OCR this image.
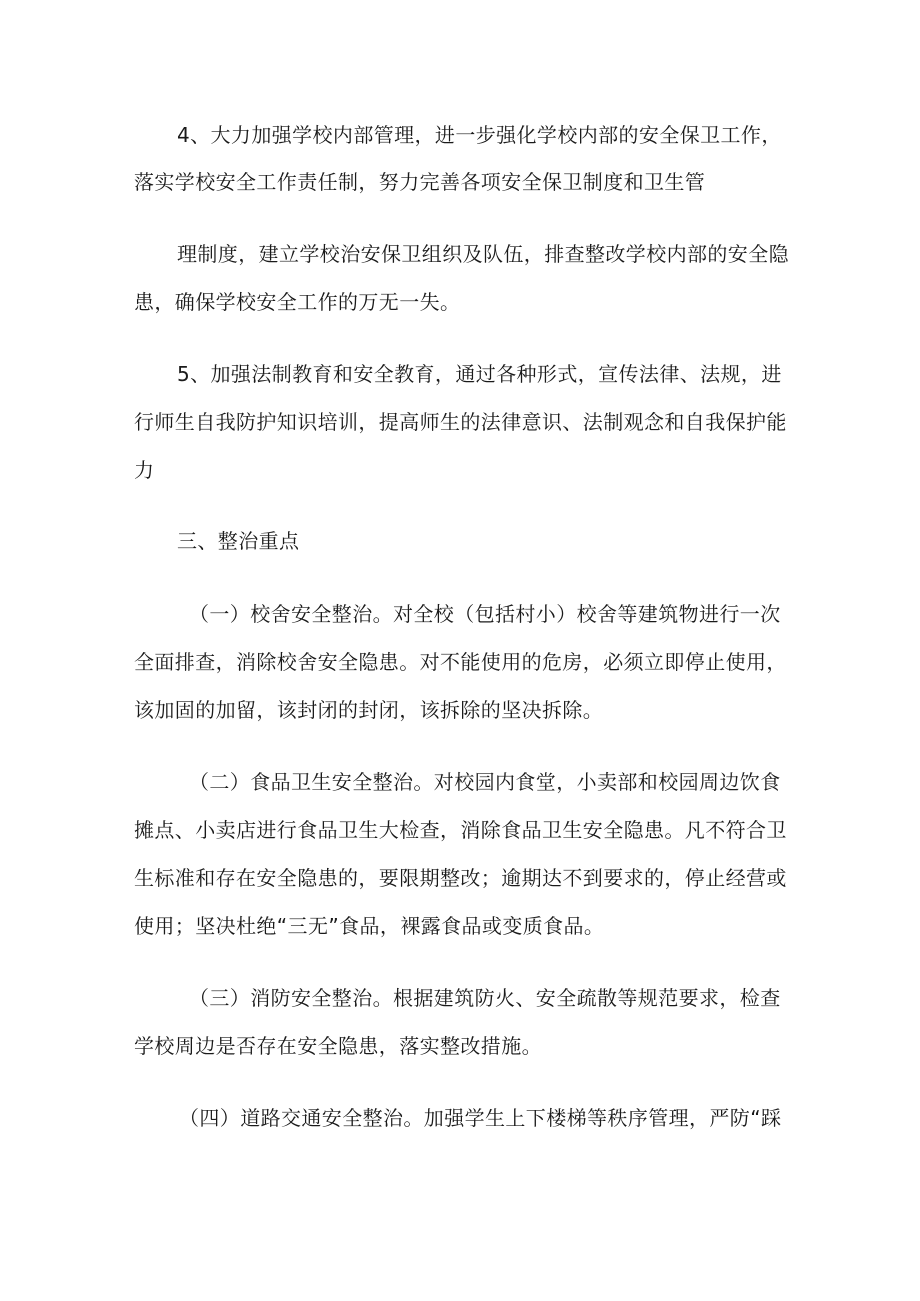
4、大力加强学校内部管理，进一步强化学校内部的安全保卫工作，
落实学校安全工作责任制，努力完善各项安全保卫制度和卫生管
理制度，建立学校治安保卫组织及队伍，排查整改学校内部的安全隐
患，确保学校安全工作的万无一失。
5、加强法制教育和安全教育，通过各种形式，宣传法律、法规，进
行师生自我防护知识培训，提高师生的法律意识、法制观念和自我保护能
力
三、整治重点
（一）校舍安全整治。对全校（包括村小）校舍等建筑物进行一次
全面排查，消除校舍安全隐患。对不能使用的危房，必须立即停止使用，
该加固的加留，该封闭的封闭，该拆除的坚决拆除。
（二）食品卫生安全整治。对校园内食堂，小卖部和校园周边饮食
摊点、小卖店进行食品卫生大检查，消除食品卫生安全隐患。凡不符合卫
生标准和存在安全隐患的，要限期整改；逾期达不到要求的，停止经营或
使用；坚决杜绝“三无”食品，裸露食品或变质食品。
（三）消防安全整治。根据建筑防火、安全疏散等规范要求，检查
学校周边是否存在安全隐患，落实整改措施。
（四）道路交通安全整治。加强学生上下楼梯等秩序管理，严防“踩
